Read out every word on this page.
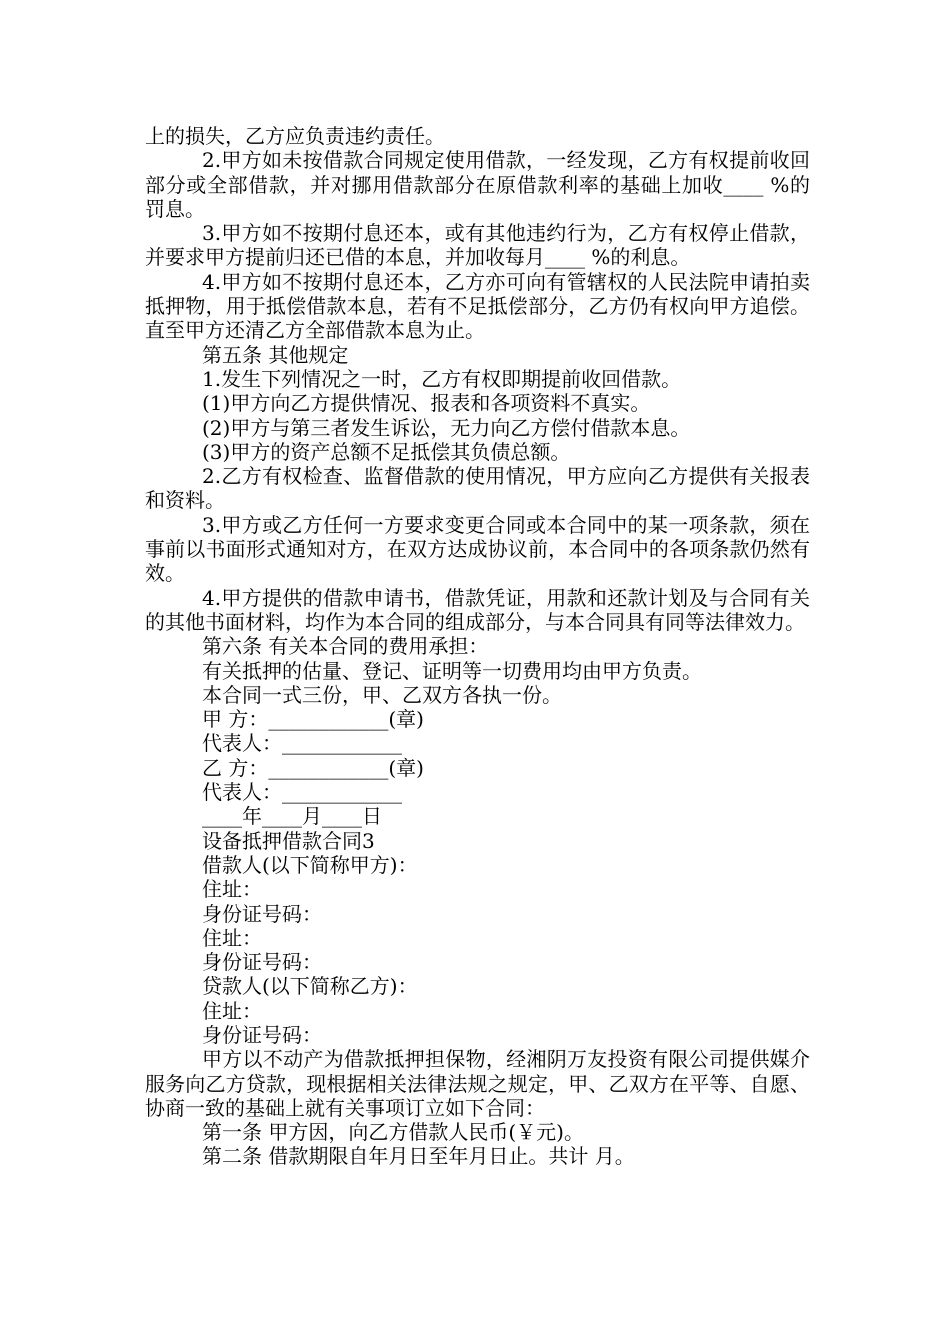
上的损失，乙方应负责违约责任。

2.甲方如未按借款合同规定使用借款，一经发现，乙方有权提前收回部分或全部借款，并对挪用借款部分在原借款利率的基础上加收____ %的罚息。

3.甲方如不按期付息还本，或有其他违约行为，乙方有权停止借款，并要求甲方提前归还已借的本息，并加收每月____ %的利息。

4.甲方如不按期付息还本，乙方亦可向有管辖权的人民法院申请拍卖抵押物，用于抵偿借款本息，若有不足抵偿部分，乙方仍有权向甲方追偿。直至甲方还清乙方全部借款本息为止。

第五条 其他规定

1.发生下列情况之一时，乙方有权即期提前收回借款。

(1)甲方向乙方提供情况、报表和各项资料不真实。

(2)甲方与第三者发生诉讼，无力向乙方偿付借款本息。

(3)甲方的资产总额不足抵偿其负债总额。

2.乙方有权检查、监督借款的使用情况，甲方应向乙方提供有关报表和资料。

3.甲方或乙方任何一方要求变更合同或本合同中的某一项条款，须在事前以书面形式通知对方，在双方达成协议前，本合同中的各项条款仍然有效。

4.甲方提供的借款申请书，借款凭证，用款和还款计划及与合同有关的其他书面材料，均作为本合同的组成部分，与本合同具有同等法律效力。

第六条 有关本合同的费用承担：

有关抵押的估量、登记、证明等一切费用均由甲方负责。

本合同一式三份，甲、乙双方各执一份。

甲 方：____________(章)

代表人：____________

乙 方：____________(章)

代表人：____________

____年____月____日

设备抵押借款合同3

借款人(以下简称甲方)：

住址：

身份证号码：

住址：

身份证号码：

贷款人(以下简称乙方)：

住址：

身份证号码：

甲方以不动产为借款抵押担保物，经湘阴万友投资有限公司提供媒介服务向乙方贷款，现根据相关法律法规之规定，甲、乙双方在平等、自愿、协商一致的基础上就有关事项订立如下合同：

第一条 甲方因，向乙方借款人民币(￥元)。

第二条 借款期限自年月日至年月日止。共计 月。
